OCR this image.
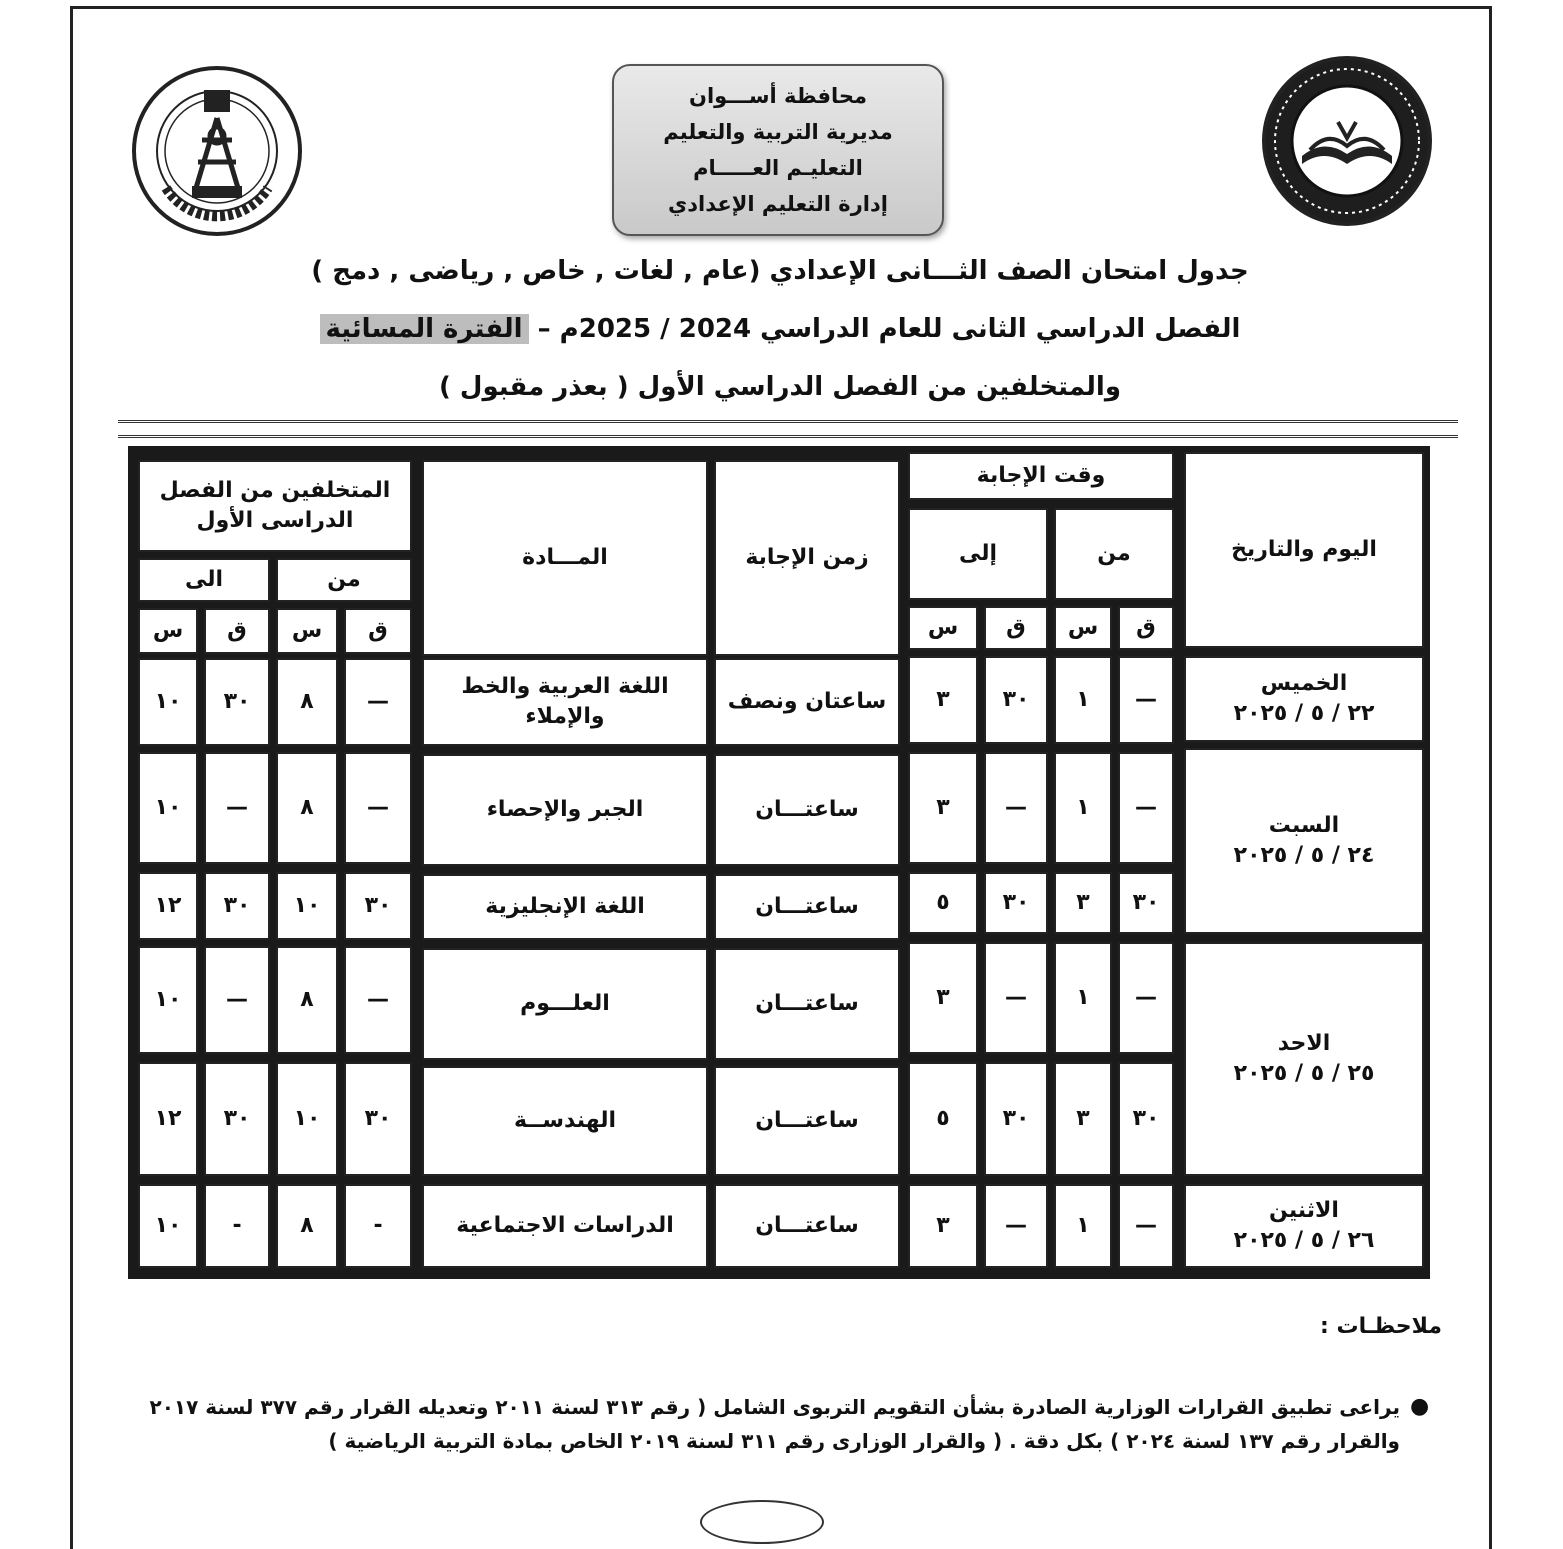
محافظة أســـوان
مديرية التربية والتعليم
التعليـم العـــــام
إدارة التعليم الإعدادي
جدول امتحان الصف الثـــانى الإعدادي (عام , لغات , خاص , رياضى , دمج )
الفصل الدراسي الثانى للعام الدراسي 2024 / 2025م – الفترة المسائية
والمتخلفين من الفصل الدراسي الأول ( بعذر مقبول )
اليوم والتاريخ
وقت الإجابة
من
إلى
ق
س
ق
س
زمن الإجابة
المـــادة
المتخلفين من الفصل الدراسى الأول
من
الى
ق
س
ق
س
الخميس
٢٢ / ٥ / ٢٠٢٥
السبت
٢٤ / ٥ / ٢٠٢٥
الاحد
٢٥ / ٥ / ٢٠٢٥
الاثنين
٢٦ / ٥ / ٢٠٢٥
—
١
٣٠
٣
ساعتان ونصف
اللغة العربية والخط والإملاء
—
٨
٣٠
١٠
—
١
—
٣
ساعتـــان
الجبر والإحصاء
—
٨
—
١٠
٣٠
٣
٣٠
٥
ساعتـــان
اللغة الإنجليزية
٣٠
١٠
٣٠
١٢
—
١
—
٣
ساعتـــان
العلـــوم
—
٨
—
١٠
٣٠
٣
٣٠
٥
ساعتـــان
الهندســة
٣٠
١٠
٣٠
١٢
—
١
—
٣
ساعتـــان
الدراسات الاجتماعية
-
٨
-
١٠
ملاحظـات :
●
يراعى تطبيق القرارات الوزارية الصادرة بشأن التقويم التربوى الشامل ( رقم ٣١٣ لسنة ٢٠١١ وتعديله القرار رقم ٣٧٧ لسنة ٢٠١٧ والقرار رقم ١٣٧ لسنة ٢٠٢٤ ) بكل دقة . ( والقرار الوزارى رقم ٣١١ لسنة ٢٠١٩ الخاص بمادة التربية الرياضية )
